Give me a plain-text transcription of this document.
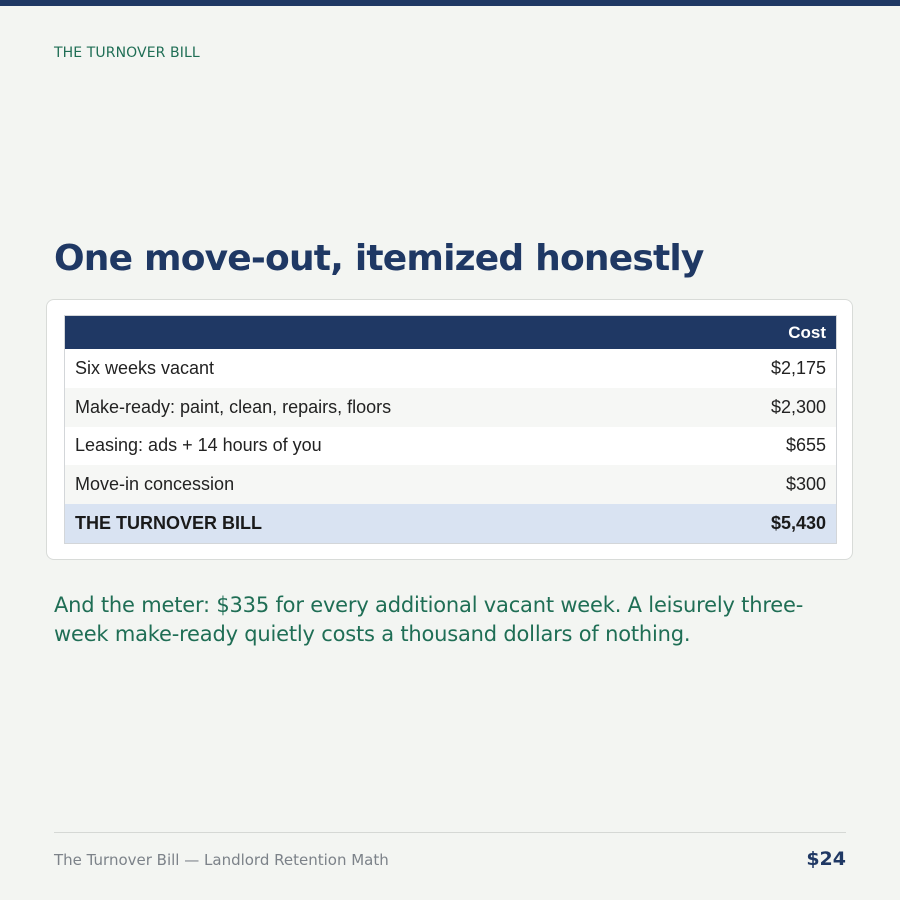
THE TURNOVER BILL
One move-out, itemized honestly
	Cost
Six weeks vacant	$2,175
Make-ready: paint, clean, repairs, floors	$2,300
Leasing: ads + 14 hours of you	$655
Move-in concession	$300
THE TURNOVER BILL	$5,430

And the meter: $335 for every additional vacant week. A leisurely three-week make-ready quietly costs a thousand dollars of nothing.

The Turnover Bill — Landlord Retention Math	$24
